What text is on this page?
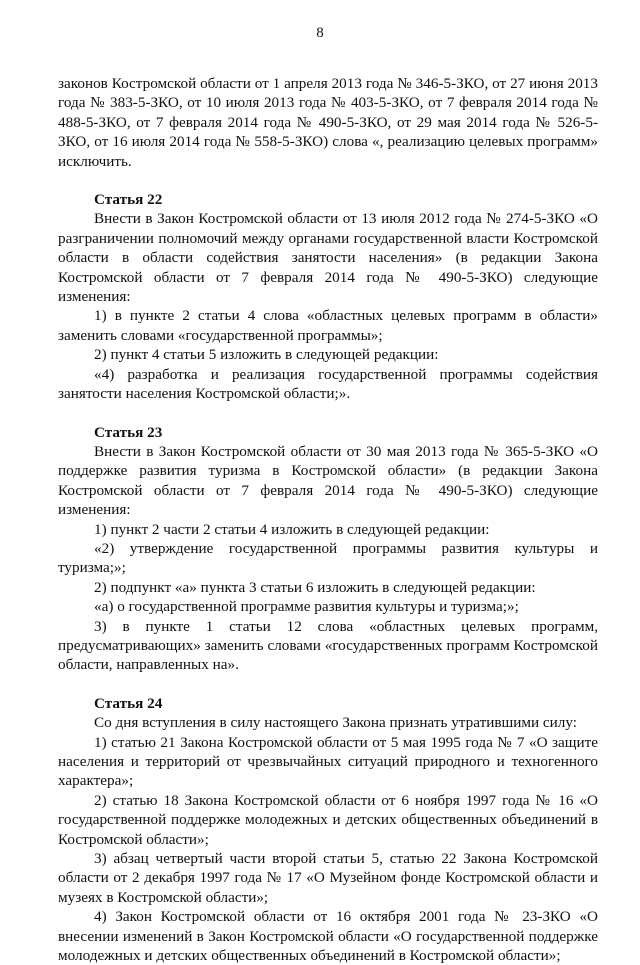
8

законов Костромской области от 1 апреля 2013 года № 346-5-ЗКО, от 27 июня 2013 года № 383-5-ЗКО, от 10 июля 2013 года № 403-5-ЗКО, от 7 февраля 2014 года № 488-5-ЗКО, от 7 февраля 2014 года № 490-5-ЗКО, от 29 мая 2014 года № 526-5-ЗКО, от 16 июля 2014 года № 558-5-ЗКО) слова «, реализацию целевых программ» исключить.

Статья 22

Внести в Закон Костромской области от 13 июля 2012 года № 274-5-ЗКО «О разграничении полномочий между органами государственной власти Костромской области в области содействия занятости населения» (в редакции Закона Костромской области от 7 февраля 2014 года № 490-5-ЗКО) следующие изменения:

1) в пункте 2 статьи 4 слова «областных целевых программ в области» заменить словами «государственной программы»;

2) пункт 4 статьи 5 изложить в следующей редакции:

«4) разработка и реализация государственной программы содействия занятости населения Костромской области;».

Статья 23

Внести в Закон Костромской области от 30 мая 2013 года № 365-5-ЗКО «О поддержке развития туризма в Костромской области» (в редакции Закона Костромской области от 7 февраля 2014 года № 490-5-ЗКО) следующие изменения:

1) пункт 2 части 2 статьи 4 изложить в следующей редакции:

«2) утверждение государственной программы развития культуры и туризма;»;

2) подпункт «а» пункта 3 статьи 6 изложить в следующей редакции:

«а) о государственной программе развития культуры и туризма;»;

3) в пункте 1 статьи 12 слова «областных целевых программ, предусматривающих» заменить словами «государственных программ Костромской области, направленных на».

Статья 24

Со дня вступления в силу настоящего Закона признать утратившими силу:

1) статью 21 Закона Костромской области от 5 мая 1995 года № 7 «О защите населения и территорий от чрезвычайных ситуаций природного и техногенного характера»;

2) статью 18 Закона Костромской области от 6 ноября 1997 года № 16 «О государственной поддержке молодежных и детских общественных объединений в Костромской области»;

3) абзац четвертый части второй статьи 5, статью 22 Закона Костромской области от 2 декабря 1997 года № 17 «О Музейном фонде Костромской области и музеях в Костромской области»;

4) Закон Костромской области от 16 октября 2001 года № 23-ЗКО «О внесении изменений в Закон Костромской области «О государственной поддержке молодежных и детских общественных объединений в Костромской области»;
